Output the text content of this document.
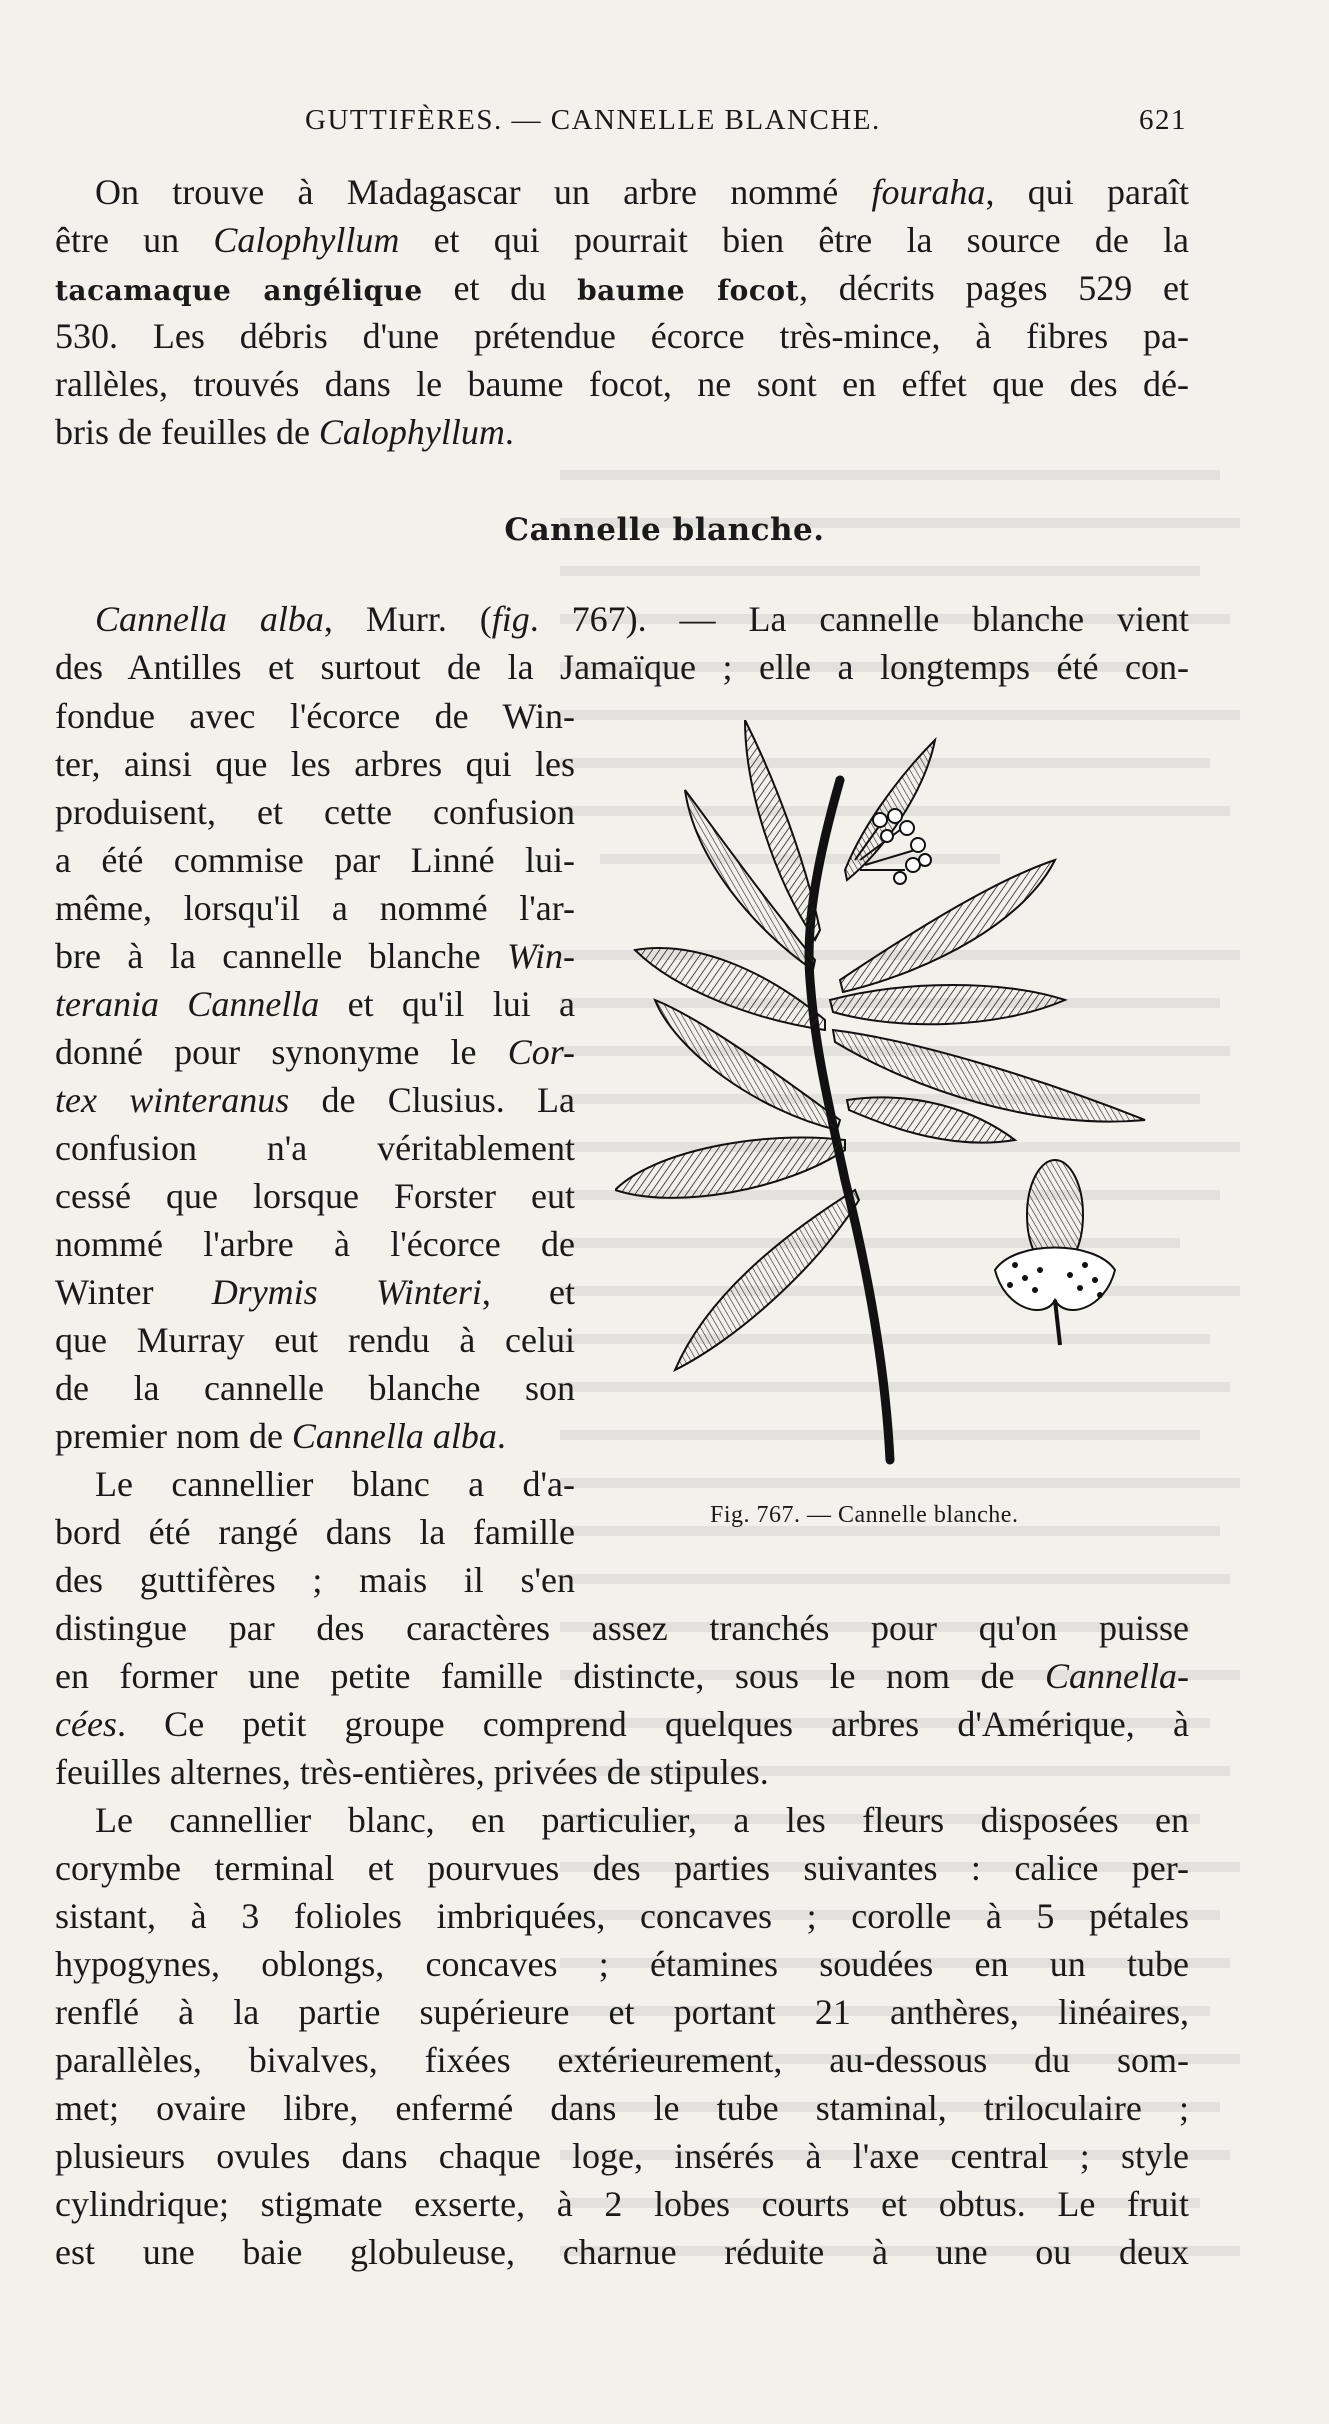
GUTTIFÈRES. — CANNELLE BLANCHE.	621
On trouve à Madagascar un arbre nommé fouraha, qui paraît
être un Calophyllum et qui pourrait bien être la source de la
tacamaque angélique et du baume focot, décrits pages 529 et
530. Les débris d'une prétendue écorce très-mince, à fibres pa-
rallèles, trouvés dans le baume focot, ne sont en effet que des dé-
bris de feuilles de Calophyllum.
Cannelle blanche.
Cannella alba, Murr. (fig. 767). — La cannelle blanche vient
des Antilles et surtout de la Jamaïque ; elle a longtemps été con-
fondue avec l'écorce de Win-
ter, ainsi que les arbres qui les
produisent, et cette confusion
a été commise par Linné lui-
même, lorsqu'il a nommé l'ar-
bre à la cannelle blanche Win-
terania Cannella et qu'il lui a
donné pour synonyme le Cor-
tex winteranus de Clusius. La
confusion n'a véritablement
cessé que lorsque Forster eut
nommé l'arbre à l'écorce de
Winter Drymis Winteri, et
que Murray eut rendu à celui
de la cannelle blanche son
premier nom de Cannella alba.
Le cannellier blanc a d'a-
bord été rangé dans la famille
des guttifères ; mais il s'en
Fig. 767. — Cannelle blanche.
distingue par des caractères assez tranchés pour qu'on puisse
en former une petite famille distincte, sous le nom de Cannella-
cées. Ce petit groupe comprend quelques arbres d'Amérique, à
feuilles alternes, très-entières, privées de stipules.
Le cannellier blanc, en particulier, a les fleurs disposées en
corymbe terminal et pourvues des parties suivantes : calice per-
sistant, à 3 folioles imbriquées, concaves ; corolle à 5 pétales
hypogynes, oblongs, concaves ; étamines soudées en un tube
renflé à la partie supérieure et portant 21 anthères, linéaires,
parallèles, bivalves, fixées extérieurement, au-dessous du som-
met; ovaire libre, enfermé dans le tube staminal, triloculaire ;
plusieurs ovules dans chaque loge, insérés à l'axe central ; style
cylindrique; stigmate exserte, à 2 lobes courts et obtus. Le fruit
est une baie globuleuse, charnue réduite à une ou deux
